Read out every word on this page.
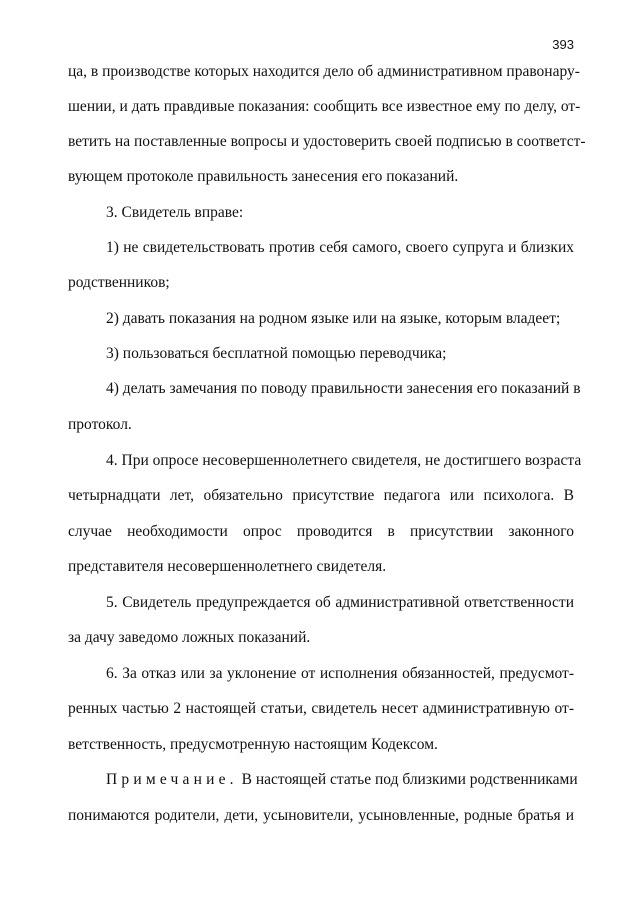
393
ца, в производстве которых находится дело об административном правонару-
шении, и дать правдивые показания: сообщить все известное ему по делу, от-
ветить на поставленные вопросы и удостоверить своей подписью в соответст-
вующем протоколе правильность занесения его показаний.
3. Свидетель вправе:
1) не свидетельствовать против себя самого, своего супруга и близких
родственников;
2) давать показания на родном языке или на языке, которым владеет;
3) пользоваться бесплатной помощью переводчика;
4) делать замечания по поводу правильности занесения его показаний в
протокол.
4. При опросе несовершеннолетнего свидетеля, не достигшего возраста
четырнадцати лет, обязательно присутствие педагога или психолога. В
случае необходимости опрос проводится в присутствии законного
представителя несовершеннолетнего свидетеля.
5. Свидетель предупреждается об административной ответственности
за дачу заведомо ложных показаний.
6. За отказ или за уклонение от исполнения обязанностей, предусмот-
ренных частью 2 настоящей статьи, свидетель несет административную от-
ветственность, предусмотренную настоящим Кодексом.
Примечание. В настоящей статье под близкими родственниками
понимаются родители, дети, усыновители, усыновленные, родные братья и
